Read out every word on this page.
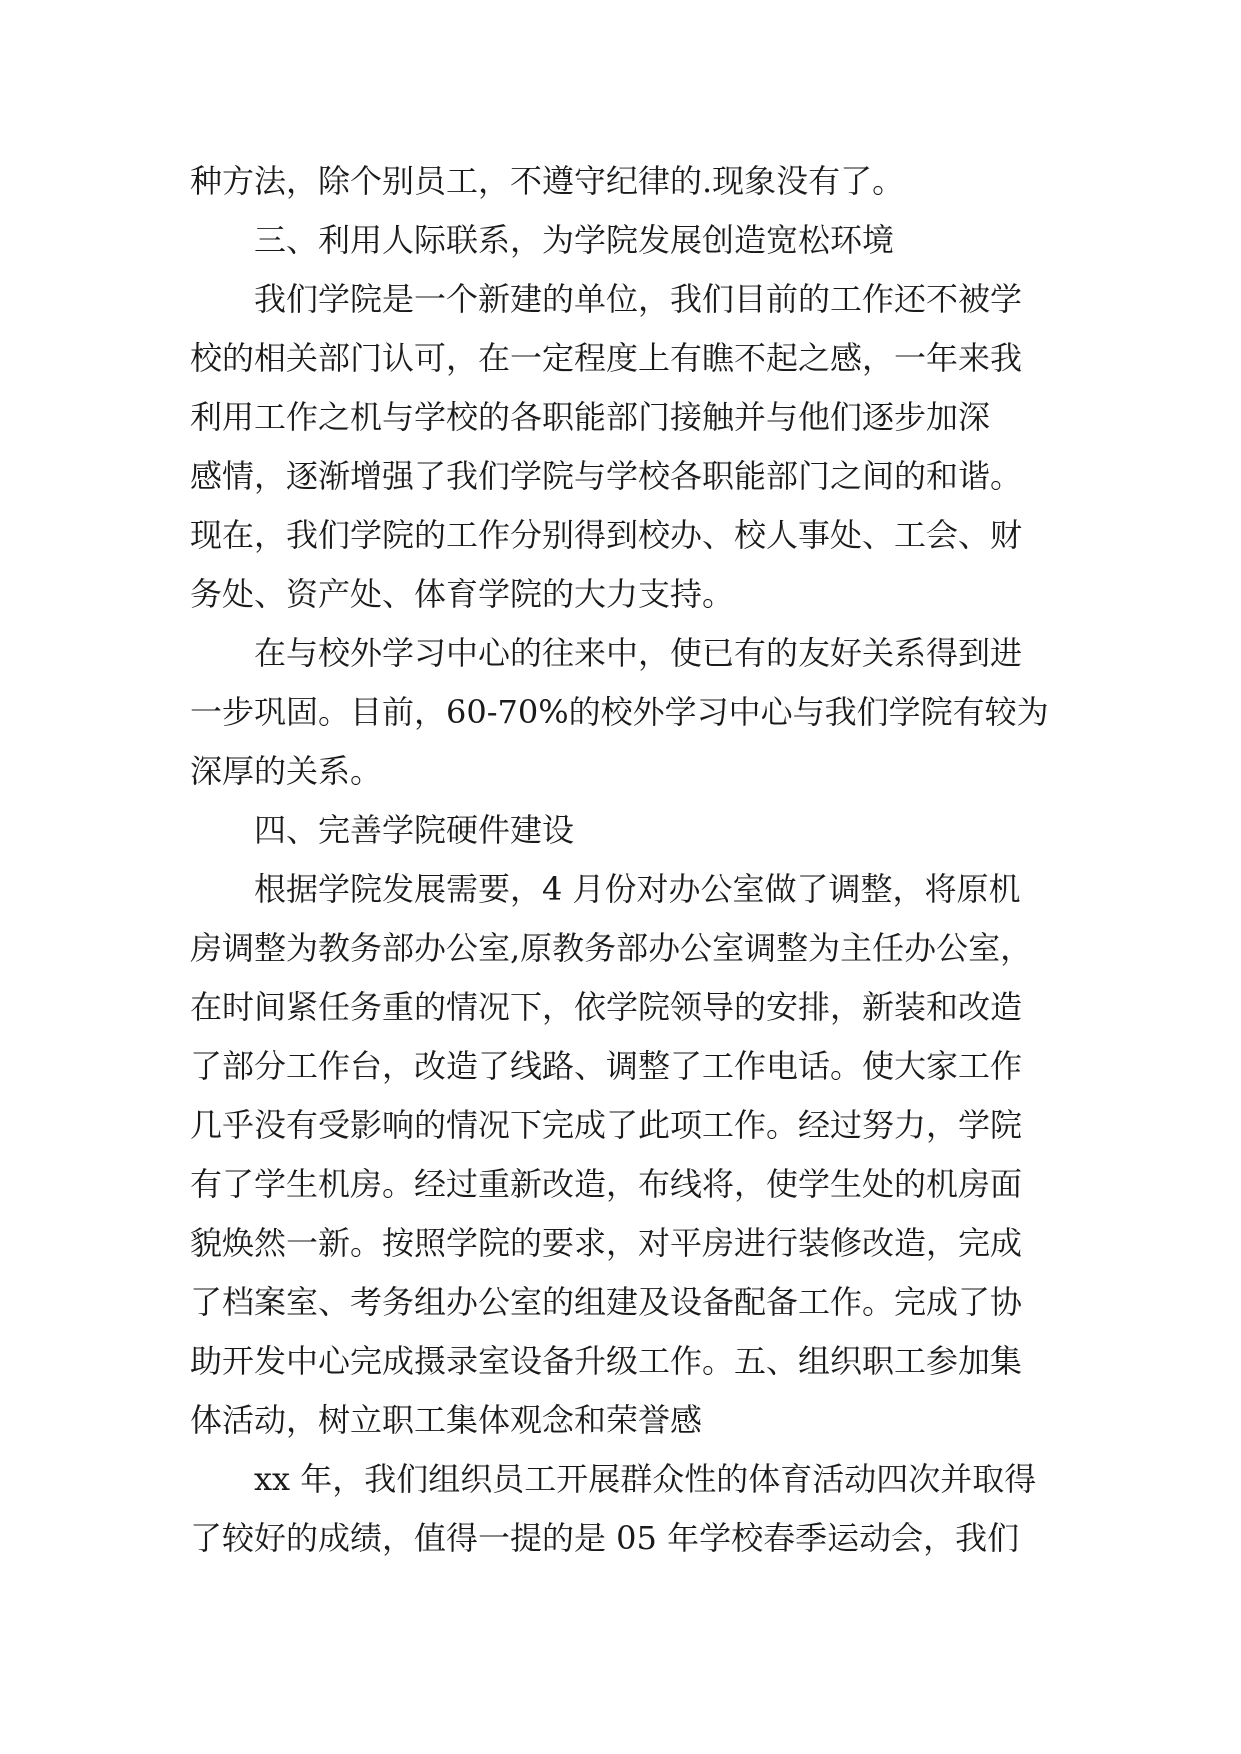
种方法，除个别员工，不遵守纪律的.现象没有了。
三、利用人际联系，为学院发展创造宽松环境
我们学院是一个新建的单位，我们目前的工作还不被学
校的相关部门认可，在一定程度上有瞧不起之感，一年来我
利用工作之机与学校的各职能部门接触并与他们逐步加深
感情，逐渐增强了我们学院与学校各职能部门之间的和谐。
现在，我们学院的工作分别得到校办、校人事处、工会、财
务处、资产处、体育学院的大力支持。
在与校外学习中心的往来中，使已有的友好关系得到进
一步巩固。目前，60-70%的校外学习中心与我们学院有较为
深厚的关系。
四、完善学院硬件建设
根据学院发展需要，4 月份对办公室做了调整，将原机
房调整为教务部办公室,原教务部办公室调整为主任办公室，
在时间紧任务重的情况下，依学院领导的安排，新装和改造
了部分工作台，改造了线路、调整了工作电话。使大家工作
几乎没有受影响的情况下完成了此项工作。经过努力，学院
有了学生机房。经过重新改造，布线将，使学生处的机房面
貌焕然一新。按照学院的要求，对平房进行装修改造，完成
了档案室、考务组办公室的组建及设备配备工作。完成了协
助开发中心完成摄录室设备升级工作。五、组织职工参加集
体活动，树立职工集体观念和荣誉感
xx 年，我们组织员工开展群众性的体育活动四次并取得
了较好的成绩，值得一提的是 05 年学校春季运动会，我们
